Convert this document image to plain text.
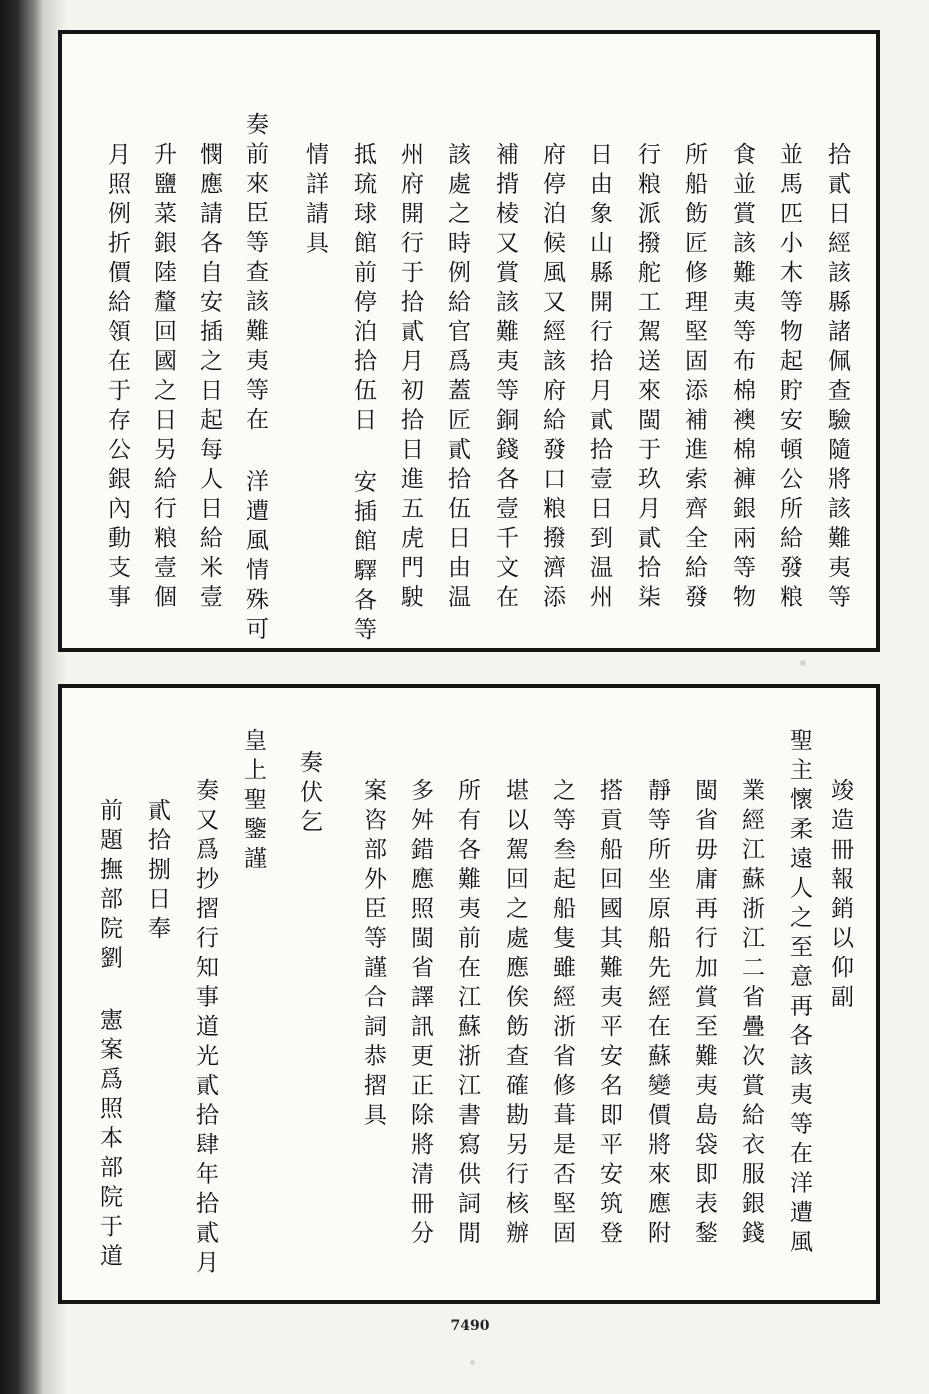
拾貳日經該縣諸佩查驗隨將該難夷等
並馬匹小木等物起貯安頓公所給發粮
食並賞該難夷等布棉襖棉褲銀兩等物
所船飭匠修理堅固添補進索齊全給發
行粮派撥舵工駕送來閩于玖月貳拾柒
日由象山縣開行拾月貳拾壹日到温州
府停泊候風又經該府給發口粮撥濟添
補揹棱又賞該難夷等銅錢各壹千文在
該處之時例給官爲蓋匠貳拾伍日由温
州府開行于拾貳月初拾日進五虎門駛
抵琉球館前停泊拾伍日 安插館驛各等
情詳請具
奏前來臣等查該難夷等在 洋遭風情殊可
憫應請各自安插之日起每人日給米壹
升鹽菜銀陸釐回國之日另給行粮壹個
月照例折價給領在于存公銀內動支事
竣造冊報銷以仰副
聖主懷柔遠人之至意再各該夷等在洋遭風
業經江蘇浙江二省疊次賞給衣服銀錢
閩省毋庸再行加賞至難夷島袋即表鍫
靜等所坐原船先經在蘇變價將來應附
搭貢船回國其難夷平安名即平安筑登
之等叁起船隻雖經浙省修葺是否堅固
堪以駕回之處應俟飭查確勘另行核辦
所有各難夷前在江蘇浙江書寫供詞閒
多舛錯應照閩省譯訊更正除將清冊分
案咨部外臣等謹合詞恭摺具
奏伏乞
皇上聖鑒謹
奏又爲抄摺行知事道光貳拾肆年拾貳月
貳拾捌日奉
前題撫部院劉 憲案爲照本部院于道
7490
